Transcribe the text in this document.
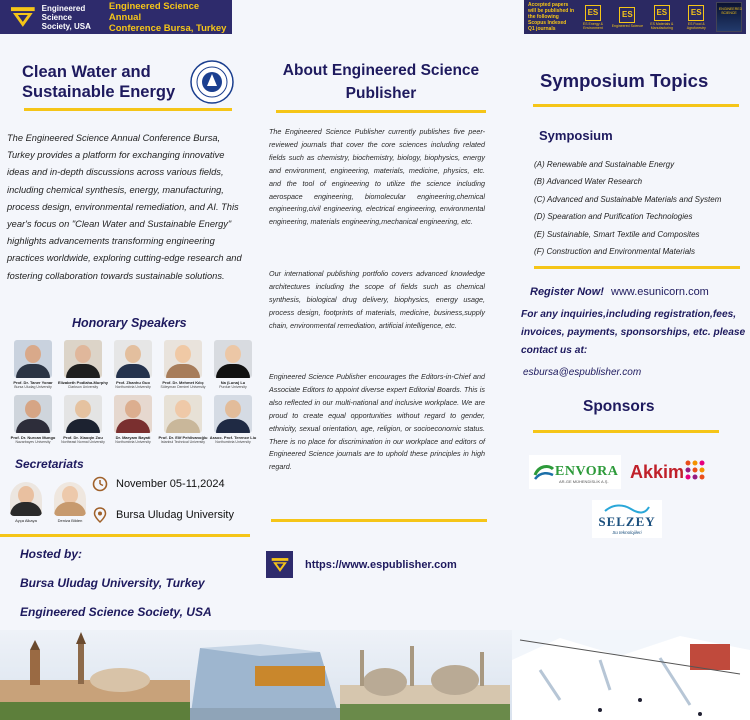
Engineered Science Society, USA
Engineered Science Annual
Conference Bursa, Turkey
Accepted papers will be published in the following Scopus Indexed Q1 journals
ES
ES Energy & Environment
ES
Engineered Science
ES
ES Materials & Manufacturing
ES
ES Food & Agroforestry
ENGINEERED SCIENCE
Clean Water and Sustainable Energy
The Engineered Science Annual Conference Bursa, Turkey provides a platform for exchanging innovative ideas and in-depth discussions across various fields, including chemical synthesis, energy, manufacturing, process design, environmental remediation, and AI. This year's focus on "Clean Water and Sustainable Energy" highlights advancements transforming engineering practices worldwide, exploring cutting-edge research and fostering collaboration towards sustainable solutions.
Honorary Speakers
Prof. Dr. Taner Yonar
Bursa Uludag University
Elizabeth Podlaha-Murphy
Clarkson University
Prof. Zhanhu Guo
Northumbria University
Prof. Dr. Mehmet Kılıç
Süleyman Demirel University
Na (Luna) Lu
Purdue University
Prof. Dr. Nurcan Mungo
Nazarbayev University
Prof. Dr. Xiaoqin Zou
Northeast Normal University
Dr. Maryam Bayati
Northumbria University
Prof. Dr. Elif Pehlivanoğlu
Istanbul Technical University
Assoc. Prof. Terence Liu
Northumbria University
Secretariats
Ayça Alkaya	Deniza Bilden
November 05-11,2024
Bursa Uludag University
Hosted by:
Bursa Uludag University, Turkey
Engineered Science Society, USA
About Engineered Science Publisher
The Engineered Science Publisher currently publishes five peer-reviewed journals that cover the core sciences including related fields such as chemistry, biochemistry, biology, biophysics, energy and environment, engineering, materials, medicine, physics, etc. and the tool of engineering to utilize the science including aerospace engineering, biomolecular engineering,chemical engineering,civil engineering, electrical engineering, environmental engineering, materials engineering,mechanical engineering, etc.
Our international publishing portfolio covers advanced knowledge architectures including the scope of fields such as chemical synthesis, biological drug delivery, biophysics, energy usage, process design, footprints of materials, medicine, business,supply chain, environmental remediation, artificial intelligence, etc.
Engineered Science Publisher encourages the Editors-in-Chief and Associate Editors to appoint diverse expert Editorial Boards. This is also reflected in our multi-national and inclusive workplace. We are proud to create equal opportunities without regard to gender, ethnicity, sexual orientation, age, religion, or socioeconomic status. There is no place for discrimination in our workplace and editors of Engineered Science journals are to uphold these principles in high regard.
https://www.espublisher.com
Symposium Topics
Symposium
(A) Renewable and Sustainable Energy
(B) Advanced Water Research
(C) Advanced and Sustainable Materials and System
(D) Spearation and Purification Technologies
(E) Sustainable, Smart Textile and Composites
(F) Construction and Environmental Materials
Register Now! www.esunicorn.com
For any inquiries,including registration,fees, invoices, payments, sponsorships, etc. please contact us at:
esbursa@espublisher.com
Sponsors
ENVORA
AR-GE MÜHENDİSLİK A.Ş. Akkim
SELZEY
Su teknolojileri
